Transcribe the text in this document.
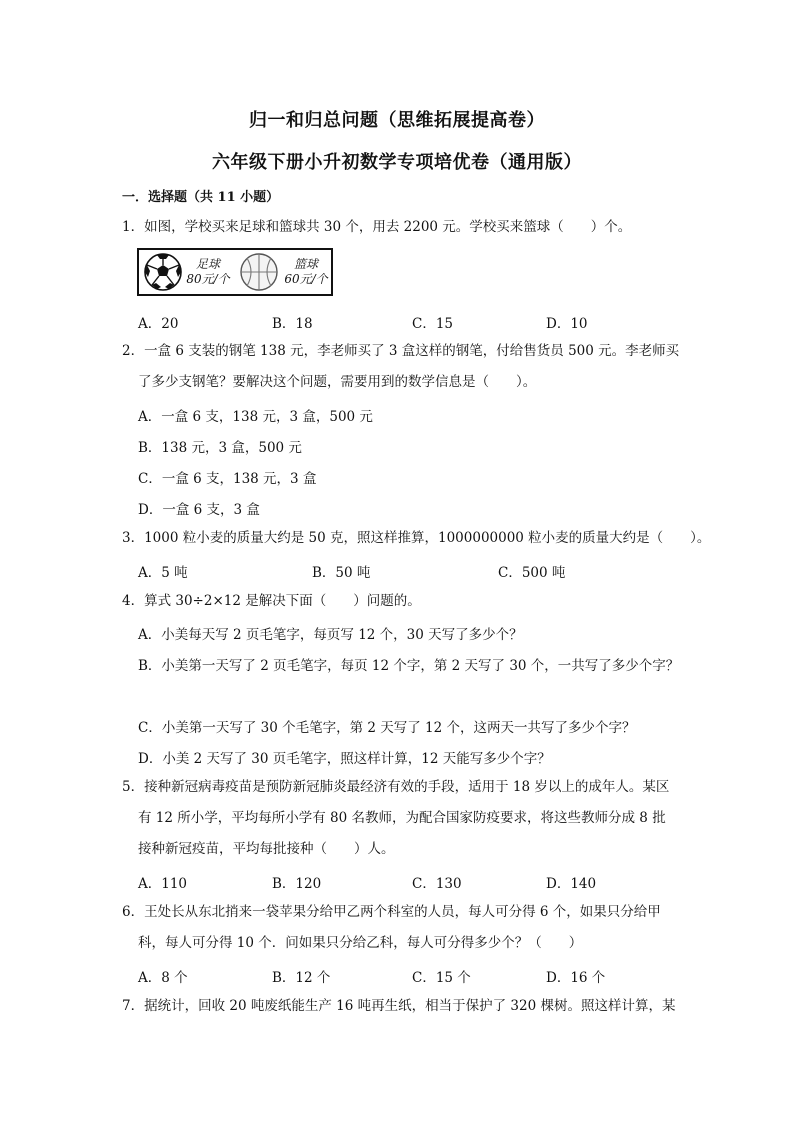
归一和归总问题（思维拓展提高卷）
六年级下册小升初数学专项培优卷（通用版）
一．选择题（共 11 小题）
1．如图，学校买来足球和篮球共 30 个，用去 2200 元。学校买来篮球（　　）个。
足球
80元/个
篮球
60元/个
A．20	B．18	C．15	D．10
2．一盒 6 支装的钢笔 138 元，李老师买了 3 盒这样的钢笔，付给售货员 500 元。李老师买
了多少支钢笔？要解决这个问题，需要用到的数学信息是（　　）。
A．一盒 6 支，138 元，3 盒，500 元
B．138 元，3 盒，500 元
C．一盒 6 支，138 元，3 盒
D．一盒 6 支，3 盒
3．1000 粒小麦的质量大约是 50 克，照这样推算，1000000000 粒小麦的质量大约是（　　）。
A．5 吨	B．50 吨	C．500 吨
4．算式 30÷2×12 是解决下面（　　）问题的。
A．小美每天写 2 页毛笔字，每页写 12 个，30 天写了多少个？
B．小美第一天写了 2 页毛笔字，每页 12 个字，第 2 天写了 30 个，一共写了多少个字？
C．小美第一天写了 30 个毛笔字，第 2 天写了 12 个，这两天一共写了多少个字？
D．小美 2 天写了 30 页毛笔字，照这样计算，12 天能写多少个字？
5．接种新冠病毒疫苗是预防新冠肺炎最经济有效的手段，适用于 18 岁以上的成年人。某区
有 12 所小学，平均每所小学有 80 名教师，为配合国家防疫要求，将这些教师分成 8 批
接种新冠疫苗，平均每批接种（　　）人。
A．110	B．120	C．130	D．140
6．王处长从东北捎来一袋苹果分给甲乙两个科室的人员，每人可分得 6 个，如果只分给甲
科，每人可分得 10 个．问如果只分给乙科，每人可分得多少个？（　　）
A．8 个	B．12 个	C．15 个	D．16 个
7．据统计，回收 20 吨废纸能生产 16 吨再生纸，相当于保护了 320 棵树。照这样计算，某
